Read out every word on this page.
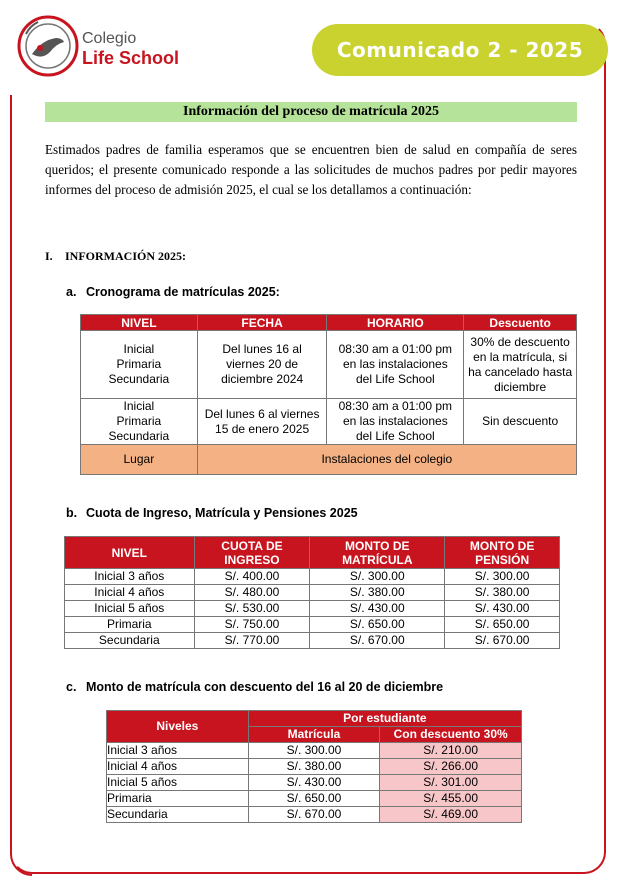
Colegio
Life School	Comunicado 2 - 2025
Información del proceso de matrícula 2025

Estimados padres de familia esperamos que se encuentren bien de salud en compañía de seres queridos; el presente comunicado responde a las solicitudes de muchos padres por pedir mayores informes del proceso de admisión 2025, el cual se los detallamos a continuación:

I. INFORMACIÓN 2025:
a. Cronograma de matrículas 2025:
NIVEL	FECHA	HORARIO	Descuento

Inicial
Primaria
Secundaria	Del lunes 16 al viernes 20 de diciembre 2024	08:30 am a 01:00 pm en las instalaciones del Life School	30% de descuento en la matrícula, si ha cancelado hasta diciembre

Inicial
Primaria
Secundaria	Del lunes 6 al viernes 15 de enero 2025	08:30 am a 01:00 pm en las instalaciones del Life School	Sin descuento
Lugar	Instalaciones del colegio		
b. Cuota de Ingreso, Matrícula y Pensiones 2025
NIVEL	CUOTA DE INGRESO	MONTO DE MATRÍCULA	MONTO DE PENSIÓN
Inicial 3 años	S/. 400.00	S/. 300.00	S/. 300.00
Inicial 4 años	S/. 480.00	S/. 380.00	S/. 380.00
Inicial 5 años	S/. 530.00	S/. 430.00	S/. 430.00
Primaria	S/. 750.00	S/. 650.00	S/. 650.00
Secundaria	S/. 770.00	S/. 670.00	S/. 670.00
c. Monto de matrícula con descuento del 16 al 20 de diciembre
Niveles	Por estudiante	
	Matrícula	Con descuento 30%
Inicial 3 años	S/. 300.00	S/. 210.00
Inicial 4 años	S/. 380.00	S/. 266.00
Inicial 5 años	S/. 430.00	S/. 301.00
Primaria	S/. 650.00	S/. 455.00
Secundaria	S/. 670.00	S/. 469.00
